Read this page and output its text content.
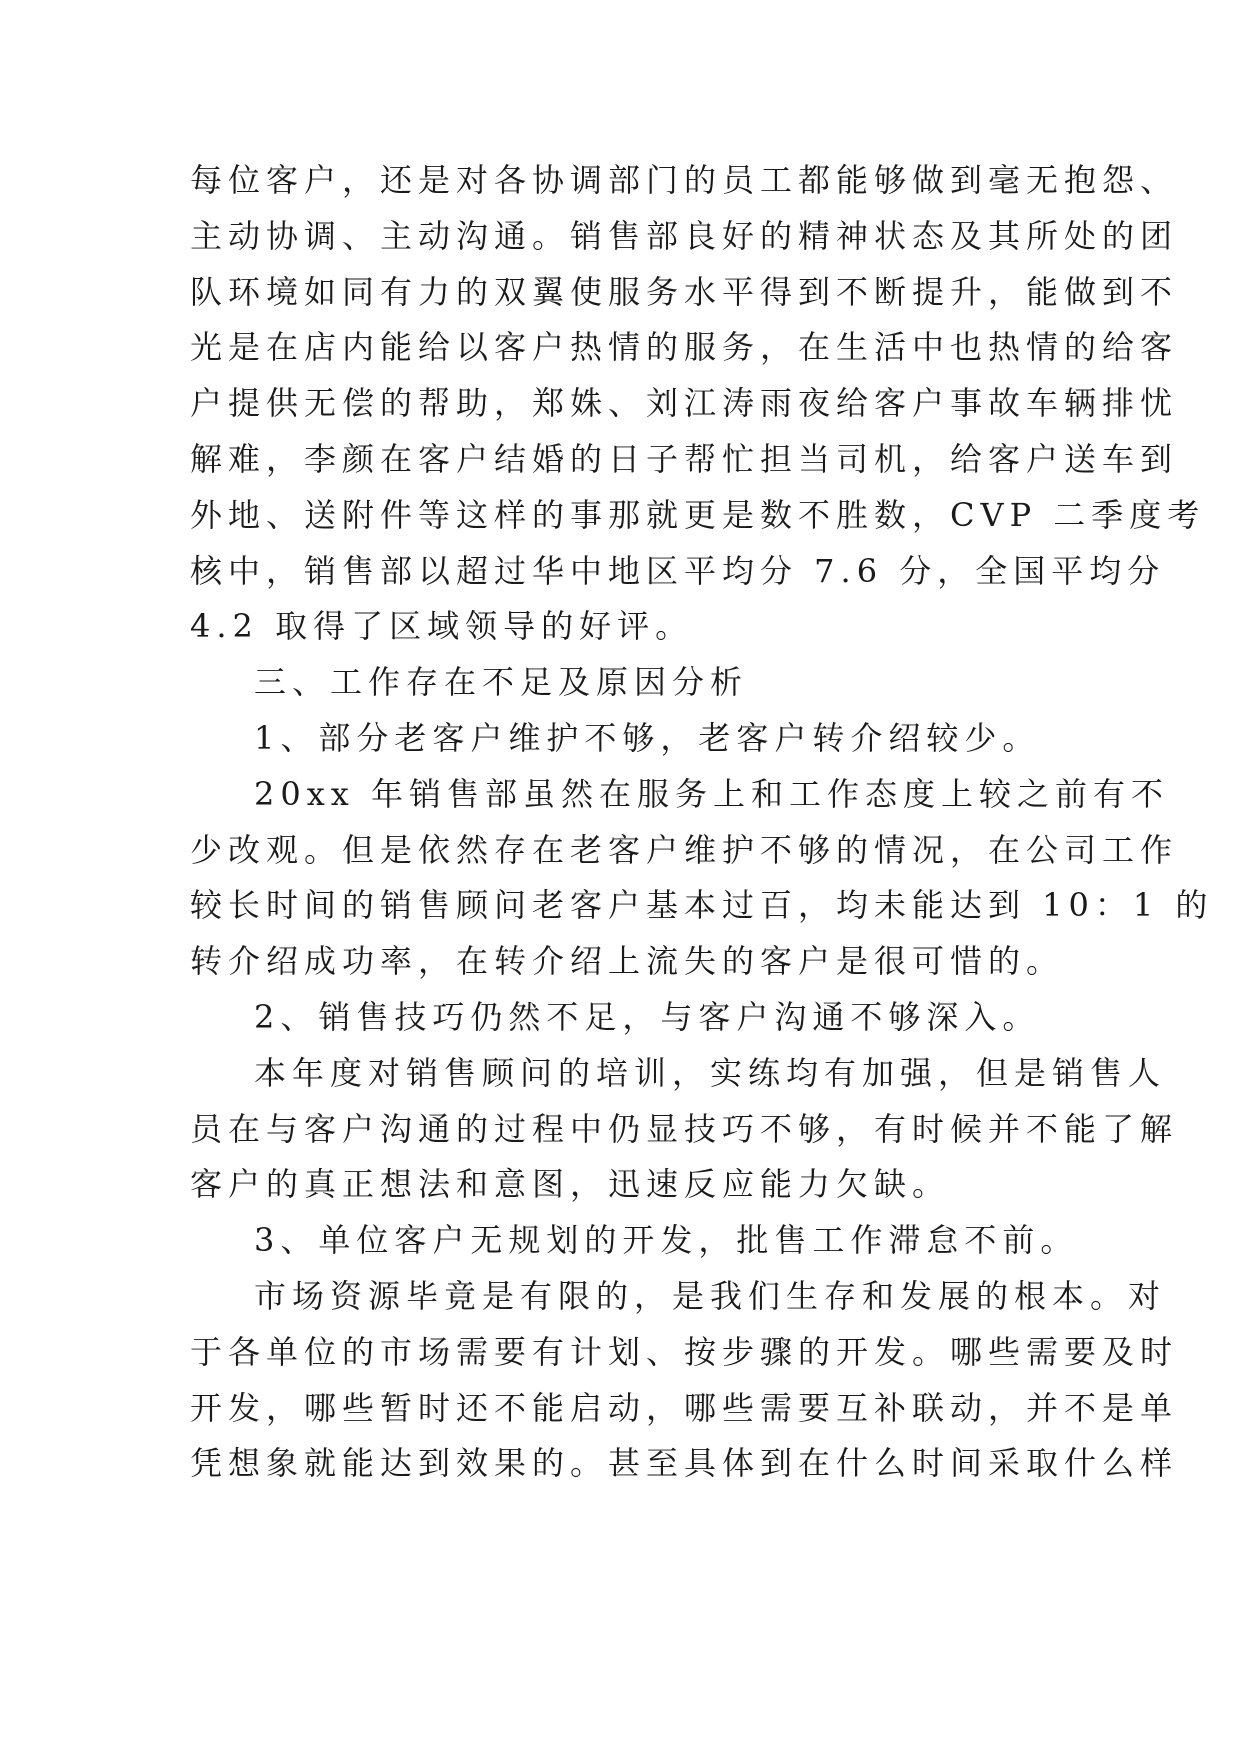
每位客户，还是对各协调部门的员工都能够做到毫无抱怨、
主动协调、主动沟通。销售部良好的精神状态及其所处的团
队环境如同有力的双翼使服务水平得到不断提升，能做到不
光是在店内能给以客户热情的服务，在生活中也热情的给客
户提供无偿的帮助，郑姝、刘江涛雨夜给客户事故车辆排忧
解难，李颜在客户结婚的日子帮忙担当司机，给客户送车到
外地、送附件等这样的事那就更是数不胜数，CVP 二季度考
核中，销售部以超过华中地区平均分 7.6 分，全国平均分
4.2 取得了区域领导的好评。
三、工作存在不足及原因分析
1、部分老客户维护不够，老客户转介绍较少。
20xx 年销售部虽然在服务上和工作态度上较之前有不
少改观。但是依然存在老客户维护不够的情况，在公司工作
较长时间的销售顾问老客户基本过百，均未能达到 10：1 的
转介绍成功率，在转介绍上流失的客户是很可惜的。
2、销售技巧仍然不足，与客户沟通不够深入。
本年度对销售顾问的培训，实练均有加强，但是销售人
员在与客户沟通的过程中仍显技巧不够，有时候并不能了解
客户的真正想法和意图，迅速反应能力欠缺。
3、单位客户无规划的开发，批售工作滞怠不前。
市场资源毕竟是有限的，是我们生存和发展的根本。对
于各单位的市场需要有计划、按步骤的开发。哪些需要及时
开发，哪些暂时还不能启动，哪些需要互补联动，并不是单
凭想象就能达到效果的。甚至具体到在什么时间采取什么样
